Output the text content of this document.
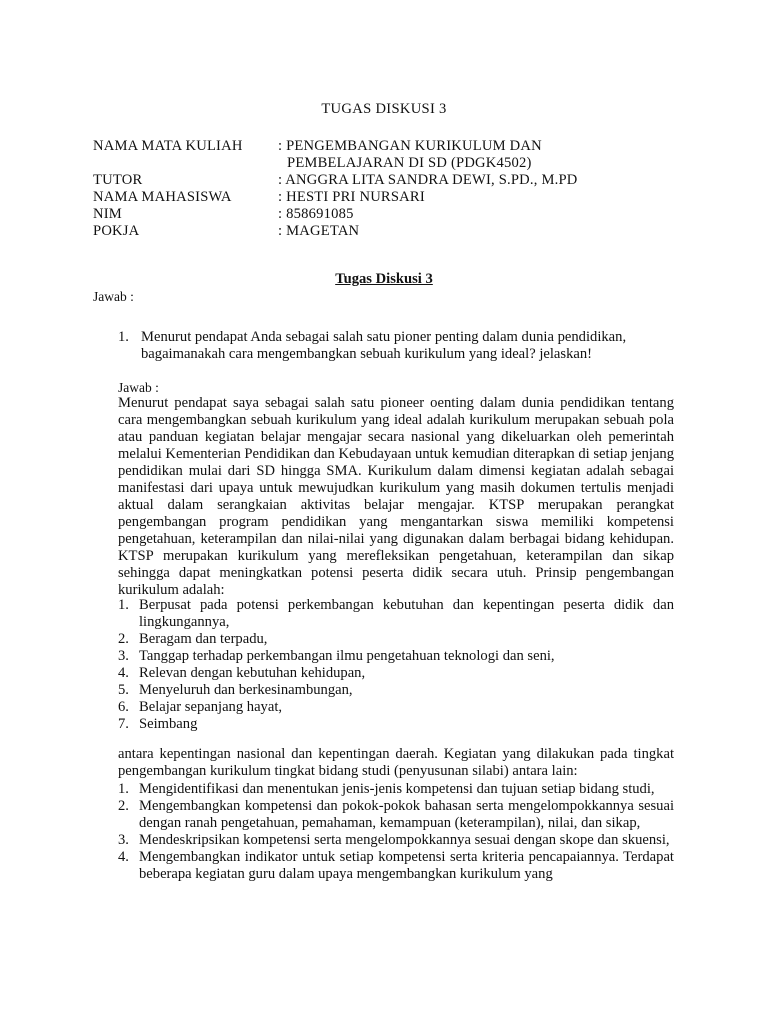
TUGAS DISKUSI 3
NAMA MATA KULIAH	: PENGEMBANGAN KURIKULUM DAN
PEMBELAJARAN DI SD (PDGK4502)
TUTOR	: ANGGRA LITA SANDRA DEWI, S.PD., M.PD
NAMA MAHASISWA	: HESTI PRI NURSARI
NIM	: 858691085
POKJA	: MAGETAN
Tugas Diskusi 3
Jawab :
1. Menurut pendapat Anda sebagai salah satu pioner penting dalam dunia pendidikan, bagaimanakah cara mengembangkan sebuah kurikulum yang ideal? jelaskan!
Jawab :
Menurut pendapat saya sebagai salah satu pioneer oenting dalam dunia pendidikan tentang cara mengembangkan sebuah kurikulum yang ideal adalah kurikulum merupakan sebuah pola atau panduan kegiatan belajar mengajar secara nasional yang dikeluarkan oleh pemerintah melalui Kementerian Pendidikan dan Kebudayaan untuk kemudian diterapkan di setiap jenjang pendidikan mulai dari SD hingga SMA. Kurikulum dalam dimensi kegiatan adalah sebagai manifestasi dari upaya untuk mewujudkan kurikulum yang masih dokumen tertulis menjadi aktual dalam serangkaian aktivitas belajar mengajar. KTSP merupakan perangkat pengembangan program pendidikan yang mengantarkan siswa memiliki kompetensi pengetahuan, keterampilan dan nilai-nilai yang digunakan dalam berbagai bidang kehidupan. KTSP merupakan kurikulum yang merefleksikan pengetahuan, keterampilan dan sikap sehingga dapat meningkatkan potensi peserta didik secara utuh. Prinsip pengembangan kurikulum adalah:
1. Berpusat pada potensi perkembangan kebutuhan dan kepentingan peserta didik dan lingkungannya,
2. Beragam dan terpadu,
3. Tanggap terhadap perkembangan ilmu pengetahuan teknologi dan seni,
4. Relevan dengan kebutuhan kehidupan,
5. Menyeluruh dan berkesinambungan,
6. Belajar sepanjang hayat,
7. Seimbang
antara kepentingan nasional dan kepentingan daerah. Kegiatan yang dilakukan pada tingkat pengembangan kurikulum tingkat bidang studi (penyusunan silabi) antara lain:
1. Mengidentifikasi dan menentukan jenis-jenis kompetensi dan tujuan setiap bidang studi,
2. Mengembangkan kompetensi dan pokok-pokok bahasan serta mengelompokkannya sesuai dengan ranah pengetahuan, pemahaman, kemampuan (keterampilan), nilai, dan sikap,
3. Mendeskripsikan kompetensi serta mengelompokkannya sesuai dengan skope dan skuensi,
4. Mengembangkan indikator untuk setiap kompetensi serta kriteria pencapaiannya. Terdapat beberapa kegiatan guru dalam upaya mengembangkan kurikulum yang
